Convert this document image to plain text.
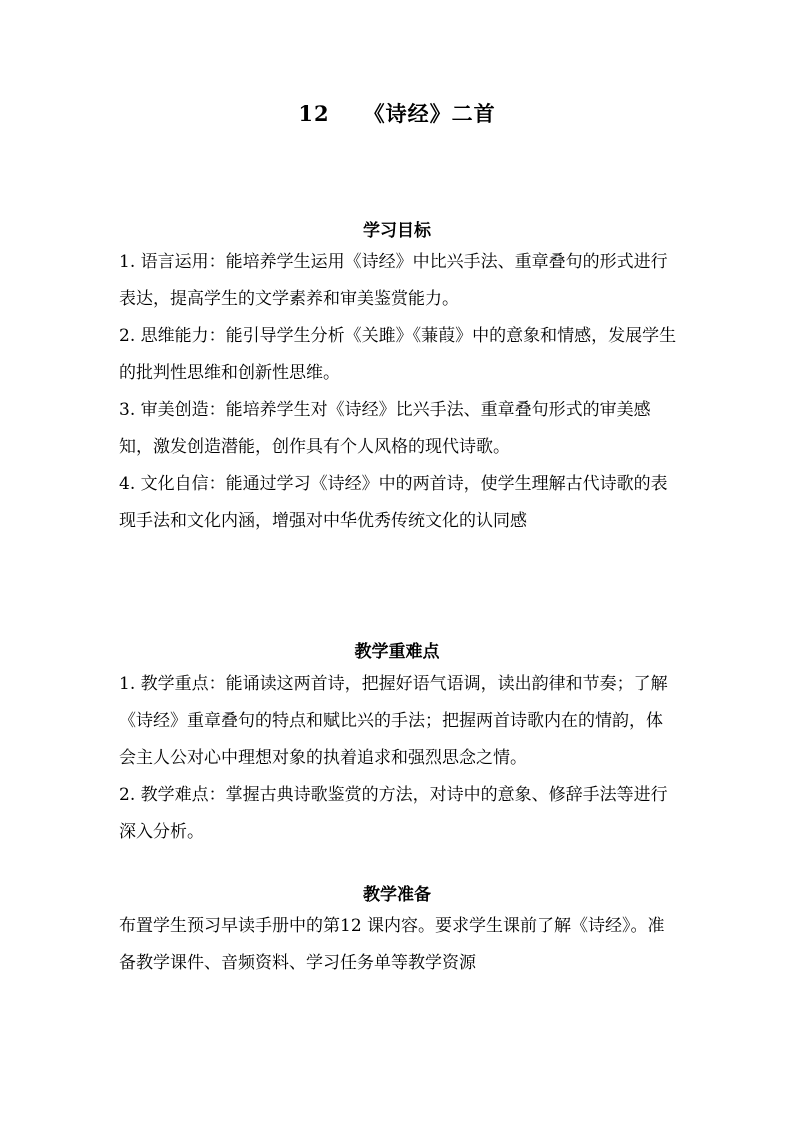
12 《诗经》二首
学习目标

1. 语言运用：能培养学生运用《诗经》中比兴手法、重章叠句的形式进行表达，提高学生的文学素养和审美鉴赏能力。

2. 思维能力：能引导学生分析《关雎》《蒹葭》中的意象和情感，发展学生的批判性思维和创新性思维。

3. 审美创造：能培养学生对《诗经》比兴手法、重章叠句形式的审美感知，激发创造潜能，创作具有个人风格的现代诗歌。

4. 文化自信：能通过学习《诗经》中的两首诗，使学生理解古代诗歌的表现手法和文化内涵，增强对中华优秀传统文化的认同感

教学重难点

1. 教学重点：能诵读这两首诗，把握好语气语调，读出韵律和节奏；了解《诗经》重章叠句的特点和赋比兴的手法；把握两首诗歌内在的情韵，体会主人公对心中理想对象的执着追求和强烈思念之情。

2. 教学难点：掌握古典诗歌鉴赏的方法，对诗中的意象、修辞手法等进行深入分析。

教学准备

布置学生预习早读手册中的第12 课内容。要求学生课前了解《诗经》。准备教学课件、音频资料、学习任务单等教学资源
